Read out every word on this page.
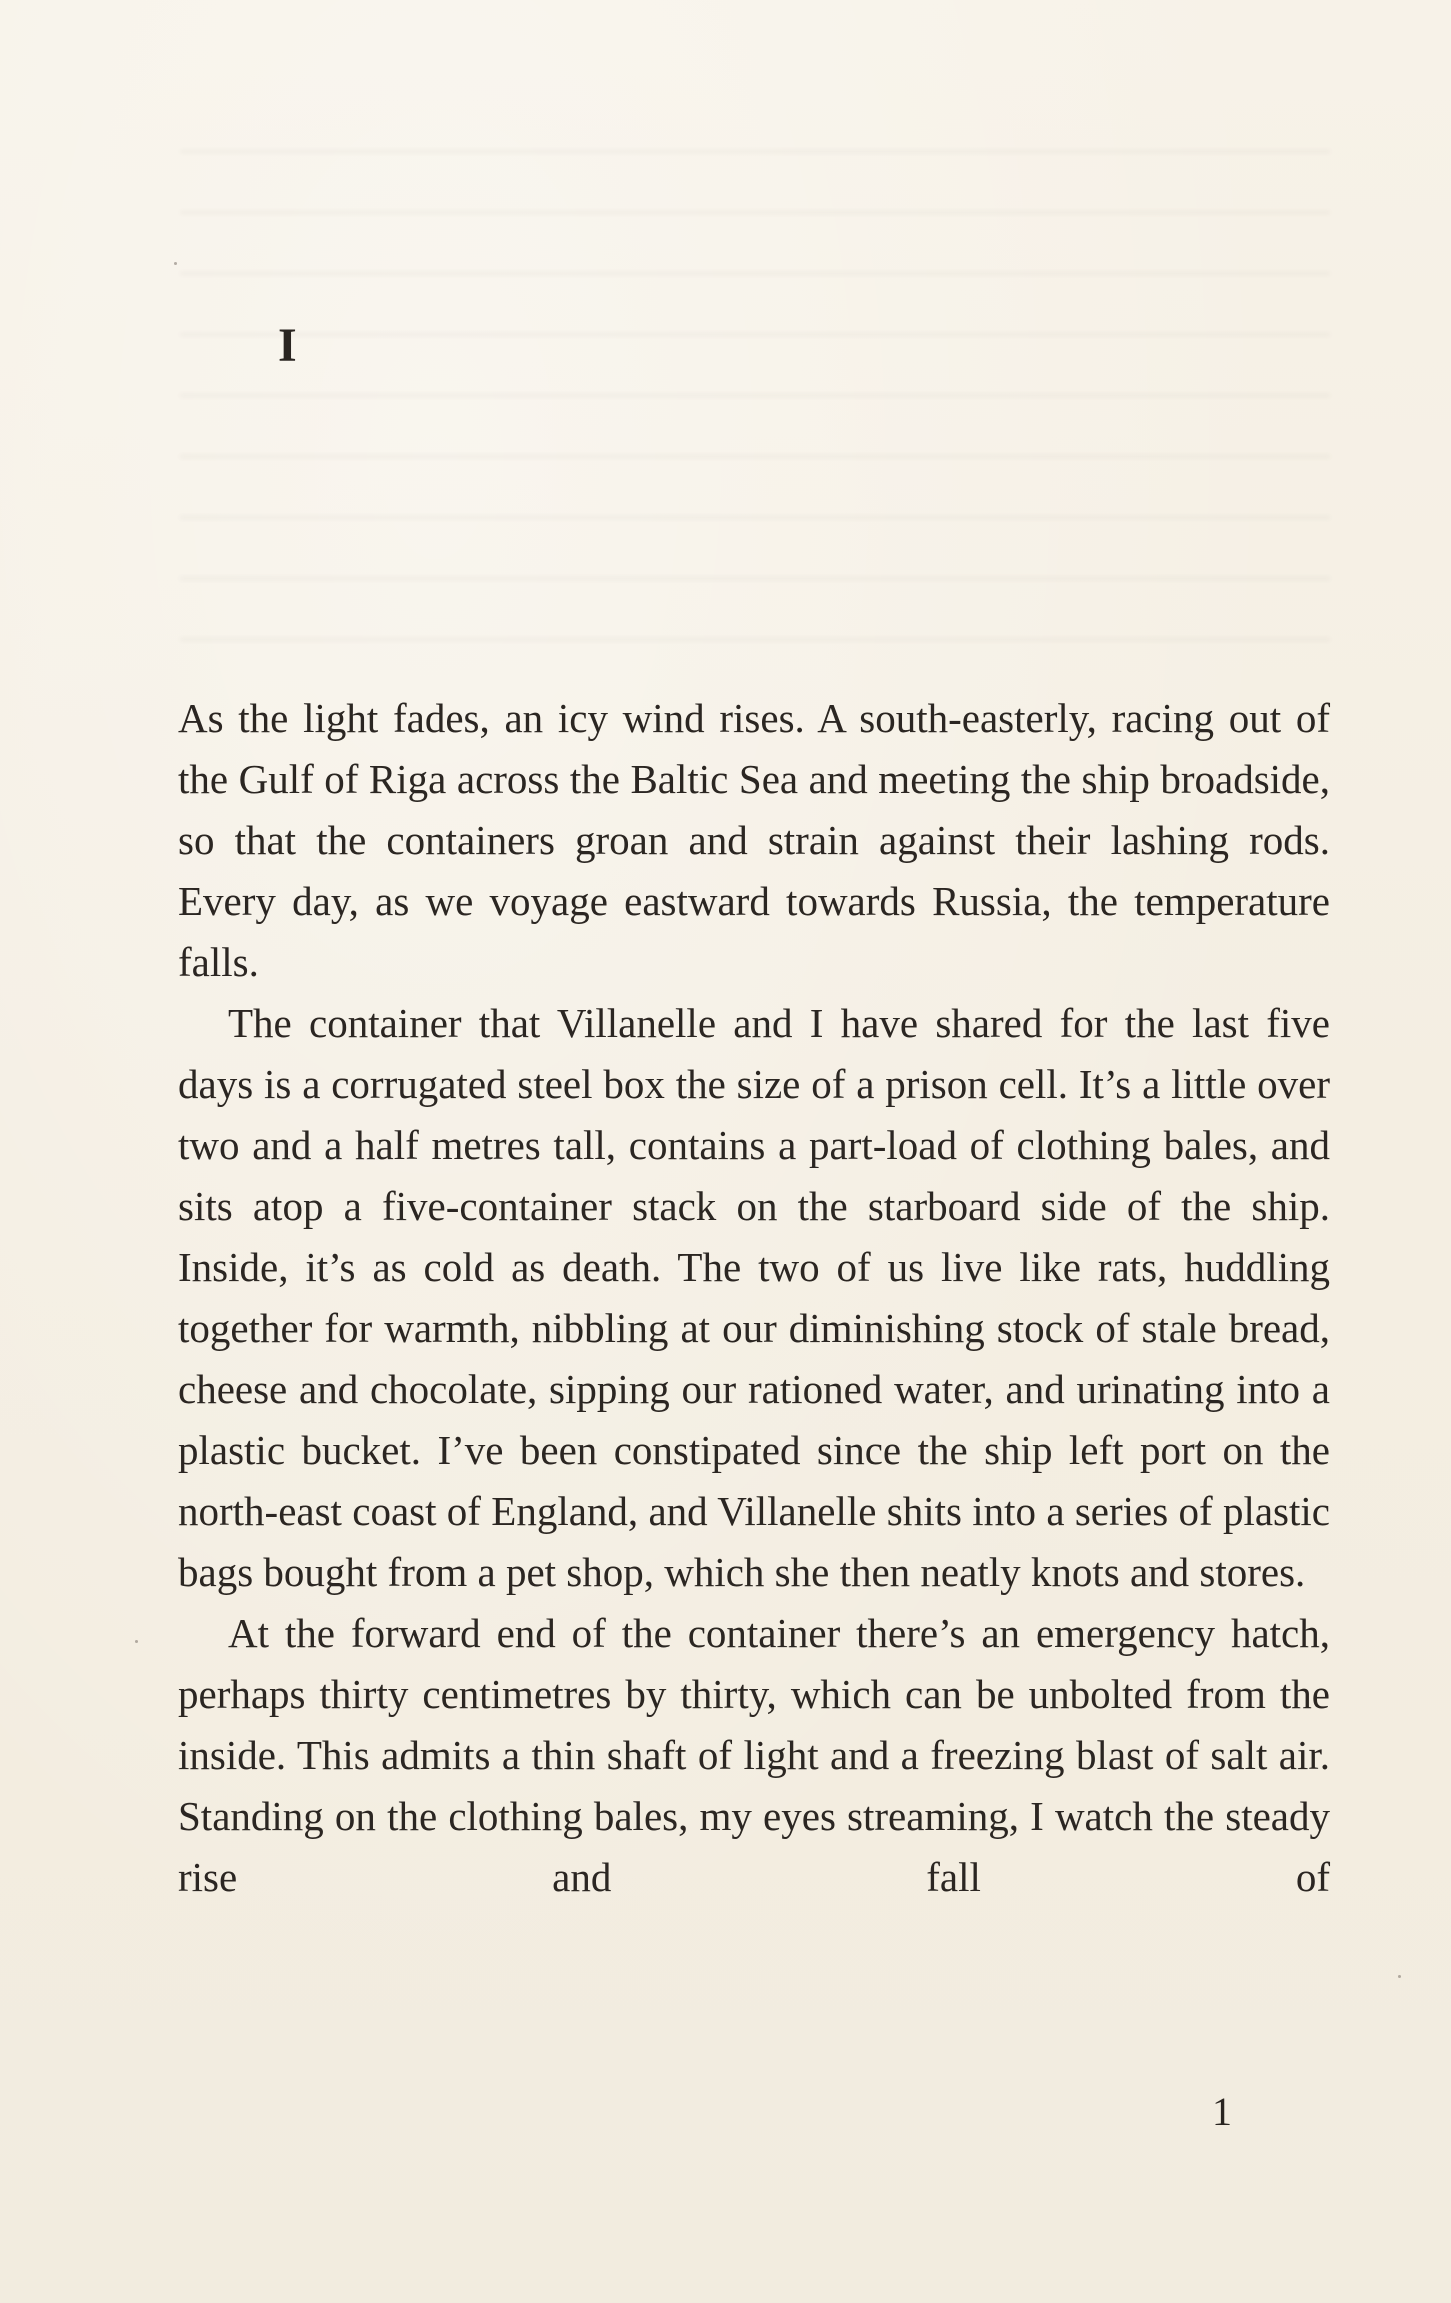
I

As the light fades, an icy wind rises. A south-easterly, racing out of the Gulf of Riga across the Baltic Sea and meeting the ship broadside, so that the containers groan and strain against their lashing rods. Every day, as we voyage eastward towards Russia, the temperature falls.

The container that Villanelle and I have shared for the last five days is a corrugated steel box the size of a prison cell. It’s a little over two and a half metres tall, contains a part-load of clothing bales, and sits atop a five-container stack on the starboard side of the ship. Inside, it’s as cold as death. The two of us live like rats, huddling together for warmth, nibbling at our diminishing stock of stale bread, cheese and chocolate, sipping our rationed water, and urinating into a plastic bucket. I’ve been constipated since the ship left port on the north-east coast of England, and Villanelle shits into a series of plastic bags bought from a pet shop, which she then neatly knots and stores.

At the forward end of the container there’s an emergency hatch, perhaps thirty centimetres by thirty, which can be unbolted from the inside. This admits a thin shaft of light and a freezing blast of salt air. Standing on the clothing bales, my eyes streaming, I watch the steady rise and fall of

1
